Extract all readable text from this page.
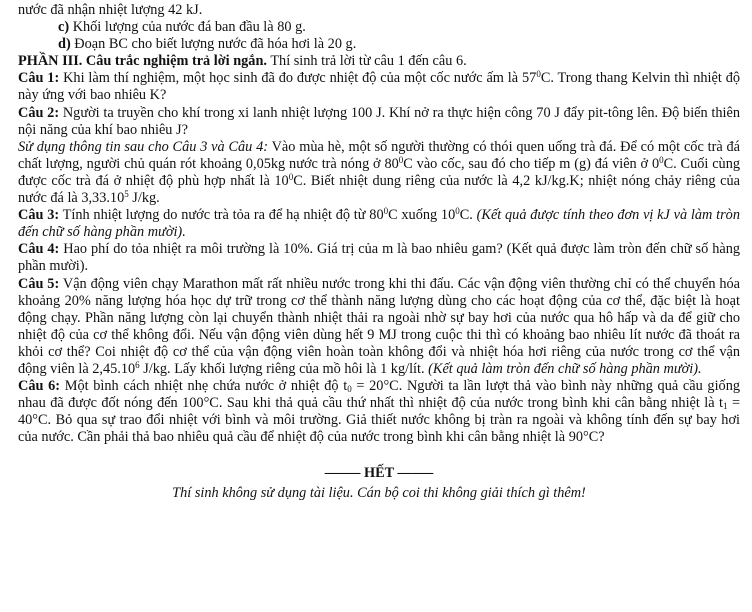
nước đã nhận nhiệt lượng 42 kJ.

c) Khối lượng của nước đá ban đầu là 80 g.

d) Đoạn BC cho biết lượng nước đã hóa hơi là 20 g.

PHẦN III. Câu trắc nghiệm trả lời ngắn. Thí sinh trả lời từ câu 1 đến câu 6.

Câu 1: Khi làm thí nghiệm, một học sinh đã đo được nhiệt độ của một cốc nước ấm là $57^0C$. Trong thang Kelvin thì nhiệt độ này ứng với bao nhiêu K?

Câu 2: Người ta truyền cho khí trong xi lanh nhiệt lượng 100 J. Khí nở ra thực hiện công 70 J đẩy pit-tông lên. Độ biến thiên nội năng của khí bao nhiêu J?

Sử dụng thông tin sau cho Câu 3 và Câu 4: Vào mùa hè, một số người thường có thói quen uống trà đá. Để có một cốc trà đá chất lượng, người chủ quán rót khoảng 0,05kg nước trà nóng ở $80^0C$ vào cốc, sau đó cho tiếp m (g) đá viên ở $0^0C$. Cuối cùng được cốc trà đá ở nhiệt độ phù hợp nhất là $10^0C$. Biết nhiệt dung riêng của nước là 4,2 kJ/kg.K; nhiệt nóng chảy riêng của nước đá là 3,33.10$^5$ J/kg.

Câu 3: Tính nhiệt lượng do nước trà tỏa ra để hạ nhiệt độ từ $80^0C$ xuống $10^0C$. (Kết quả được tính theo đơn vị kJ và làm tròn đến chữ số hàng phần mười).

Câu 4: Hao phí do tỏa nhiệt ra môi trường là 10%. Giá trị của m là bao nhiêu gam? (Kết quả được làm tròn đến chữ số hàng phần mười).

Câu 5: Vận động viên chạy Marathon mất rất nhiều nước trong khi thi đấu. Các vận động viên thường chỉ có thể chuyển hóa khoảng 20% năng lượng hóa học dự trữ trong cơ thể thành năng lượng dùng cho các hoạt động của cơ thể, đặc biệt là hoạt động chạy. Phần năng lượng còn lại chuyển thành nhiệt thải ra ngoài nhờ sự bay hơi của nước qua hô hấp và da để giữ cho nhiệt độ của cơ thể không đổi. Nếu vận động viên dùng hết 9 MJ trong cuộc thi thì có khoảng bao nhiêu lít nước đã thoát ra khỏi cơ thể? Coi nhiệt độ cơ thể của vận động viên hoàn toàn không đổi và nhiệt hóa hơi riêng của nước trong cơ thể vận động viên là 2,45.10$^6$ J/kg. Lấy khối lượng riêng của mồ hôi là 1 kg/lít. (Kết quả làm tròn đến chữ số hàng phần mười).

Câu 6: Một bình cách nhiệt nhẹ chứa nước ở nhiệt độ $t_0 = 20^\circ C$. Người ta lần lượt thả vào bình này những quả cầu giống nhau đã được đốt nóng đến 100°C. Sau khi thả quả cầu thứ nhất thì nhiệt độ của nước trong bình khi cân bằng nhiệt là $t_1 = 40^\circ C$. Bỏ qua sự trao đổi nhiệt với bình và môi trường. Giả thiết nước không bị tràn ra ngoài và không tính đến sự bay hơi của nước. Cần phải thả bao nhiêu quả cầu để nhiệt độ của nước trong bình khi cân bằng nhiệt là 90°C?

––––– HẾT –––––

Thí sinh không sử dụng tài liệu. Cán bộ coi thi không giải thích gì thêm!
